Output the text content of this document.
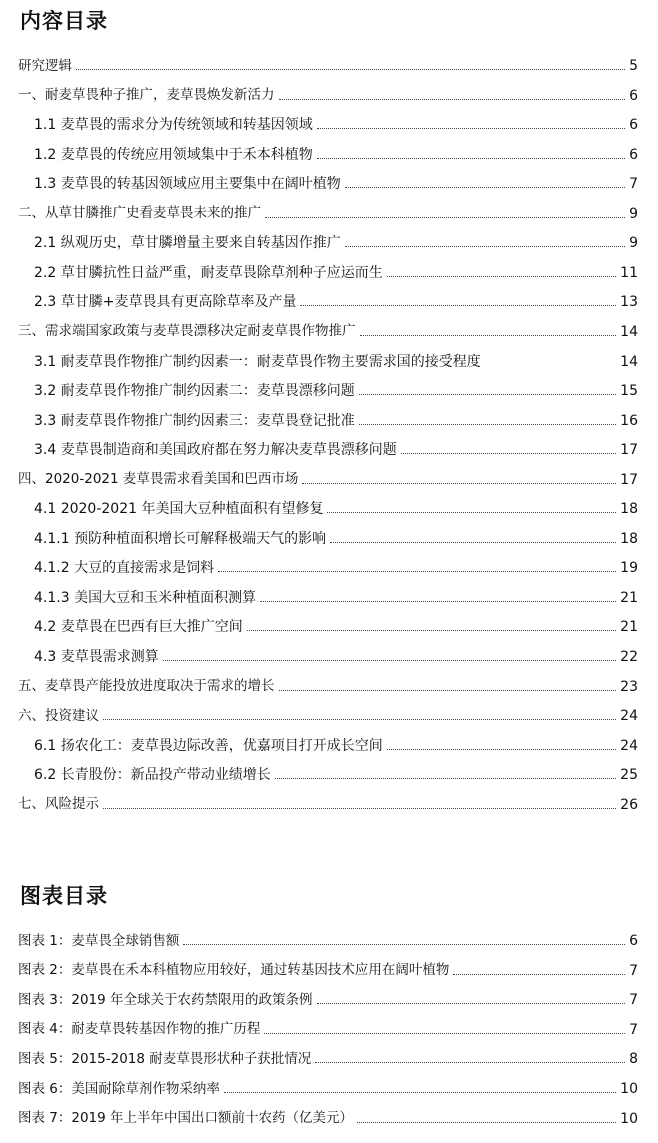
内容目录
研究逻辑	5
一、耐麦草畏种子推广，麦草畏焕发新活力	6
1.1 麦草畏的需求分为传统领域和转基因领域	6
1.2 麦草畏的传统应用领域集中于禾本科植物	6
1.3 麦草畏的转基因领域应用主要集中在阔叶植物	7
二、从草甘膦推广史看麦草畏未来的推广	9
2.1 纵观历史，草甘膦增量主要来自转基因作推广	9
2.2 草甘膦抗性日益严重，耐麦草畏除草剂种子应运而生	11
2.3 草甘膦+麦草畏具有更高除草率及产量	13
三、需求端国家政策与麦草畏漂移决定耐麦草畏作物推广	14
3.1 耐麦草畏作物推广制约因素一：耐麦草畏作物主要需求国的接受程度	14
3.2 耐麦草畏作物推广制约因素二：麦草畏漂移问题	15
3.3 耐麦草畏作物推广制约因素三：麦草畏登记批准	16
3.4 麦草畏制造商和美国政府都在努力解决麦草畏漂移问题	17
四、2020-2021 麦草畏需求看美国和巴西市场	17
4.1 2020-2021 年美国大豆种植面积有望修复	18
4.1.1 预防种植面积增长可解释极端天气的影响	18
4.1.2 大豆的直接需求是饲料	19
4.1.3 美国大豆和玉米种植面积测算	21
4.2 麦草畏在巴西有巨大推广空间	21
4.3 麦草畏需求测算	22
五、麦草畏产能投放进度取决于需求的增长	23
六、投资建议	24
6.1 扬农化工：麦草畏边际改善，优嘉项目打开成长空间	24
6.2 长青股份：新品投产带动业绩增长	25
七、风险提示	26
图表目录
图表 1：麦草畏全球销售额	6
图表 2：麦草畏在禾本科植物应用较好，通过转基因技术应用在阔叶植物	7
图表 3：2019 年全球关于农药禁限用的政策条例	7
图表 4：耐麦草畏转基因作物的推广历程	7
图表 5：2015-2018 耐麦草畏形状种子获批情况	8
图表 6：美国耐除草剂作物采纳率	10
图表 7：2019 年上半年中国出口额前十农药（亿美元）	10
